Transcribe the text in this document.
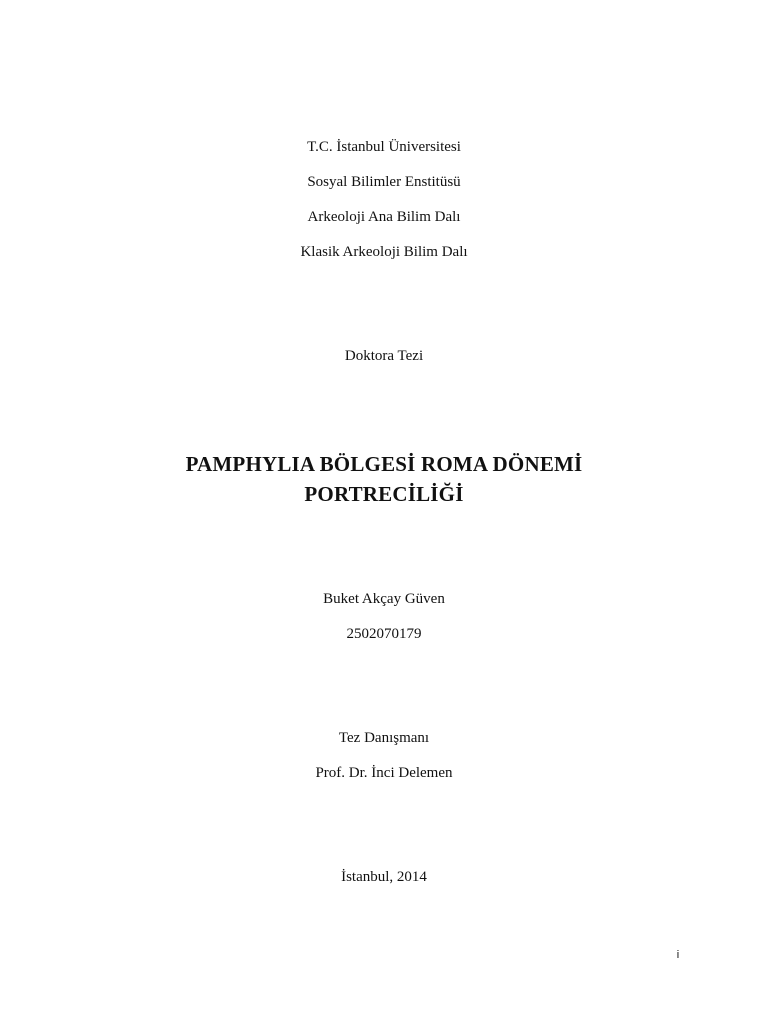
T.C. İstanbul Üniversitesi
Sosyal Bilimler Enstitüsü
Arkeoloji Ana Bilim Dalı
Klasik Arkeoloji Bilim Dalı
Doktora Tezi
PAMPHYLIA BÖLGESİ ROMA DÖNEMİ
PORTRECİLİĞİ
Buket Akçay Güven
2502070179
Tez Danışmanı
Prof. Dr. İnci Delemen
İstanbul, 2014
i
